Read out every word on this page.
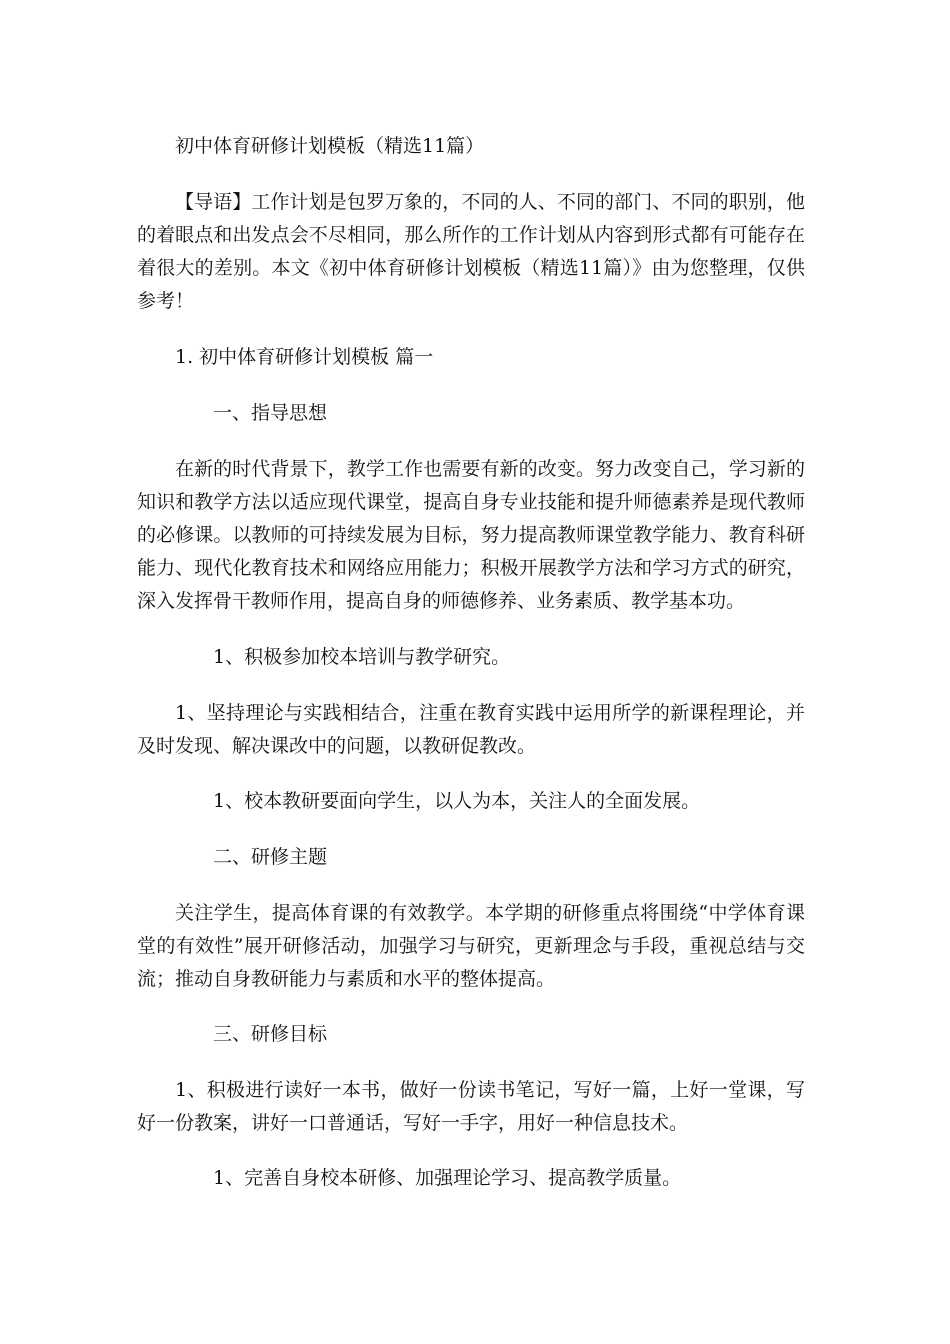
初中体育研修计划模板（精选11篇）

【导语】工作计划是包罗万象的，不同的人、不同的部门、不同的职别，他的着眼点和出发点会不尽相同，那么所作的工作计划从内容到形式都有可能存在着很大的差别。本文《初中体育研修计划模板（精选11篇）》由为您整理，仅供参考！

1. 初中体育研修计划模板 篇一

一、指导思想

在新的时代背景下，教学工作也需要有新的改变。努力改变自己，学习新的知识和教学方法以适应现代课堂，提高自身专业技能和提升师德素养是现代教师的必修课。以教师的可持续发展为目标，努力提高教师课堂教学能力、教育科研能力、现代化教育技术和网络应用能力；积极开展教学方法和学习方式的研究，深入发挥骨干教师作用，提高自身的师德修养、业务素质、教学基本功。

1、积极参加校本培训与教学研究。

1、坚持理论与实践相结合，注重在教育实践中运用所学的新课程理论，并及时发现、解决课改中的问题，以教研促教改。

1、校本教研要面向学生，以人为本，关注人的全面发展。

二、研修主题

关注学生，提高体育课的有效教学。本学期的研修重点将围绕“中学体育课堂的有效性”展开研修活动，加强学习与研究，更新理念与手段，重视总结与交流；推动自身教研能力与素质和水平的整体提高。

三、研修目标

1、积极进行读好一本书，做好一份读书笔记，写好一篇，上好一堂课，写好一份教案，讲好一口普通话，写好一手字，用好一种信息技术。

1、完善自身校本研修、加强理论学习、提高教学质量。
